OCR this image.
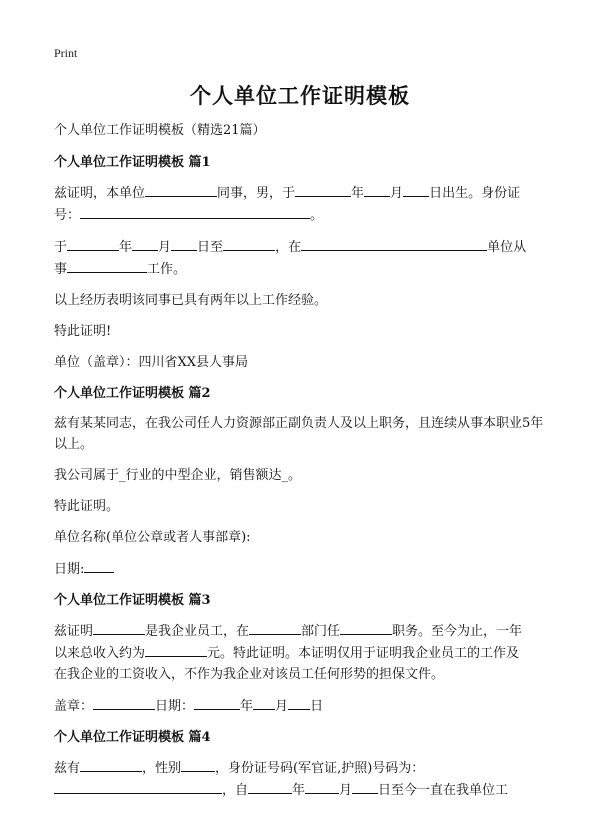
Print
个人单位工作证明模板

个人单位工作证明模板（精选21篇）

个人单位工作证明模板 篇1

兹证明，本单位	同事，男，于	年 月 日出生。身份证
号：	。

于	年 月 日至	，在	单位从
事	工作。

以上经历表明该同事已具有两年以上工作经验。

特此证明!

单位（盖章）：四川省XX县人事局

个人单位工作证明模板 篇2

兹有某某同志，在我公司任人力资源部正副负责人及以上职务，且连续从事本职业5年以上。

我公司属于_行业的中型企业，销售额达_。

特此证明。

单位名称(单位公章或者人事部章):

日期:

个人单位工作证明模板 篇3

兹证明	是我企业员工，在	部门任	职务。至今为止，一年
以来总收入约为	元。特此证明。本证明仅用于证明我企业员工的工作及
在我企业的工资收入，不作为我企业对该员工任何形势的担保文件。

盖章：	日期：	年 月 日

个人单位工作证明模板 篇4

兹有	，性别	，身份证号码(军官证,护照)号码为：
，自	年	月 日至今一直在我单位工
